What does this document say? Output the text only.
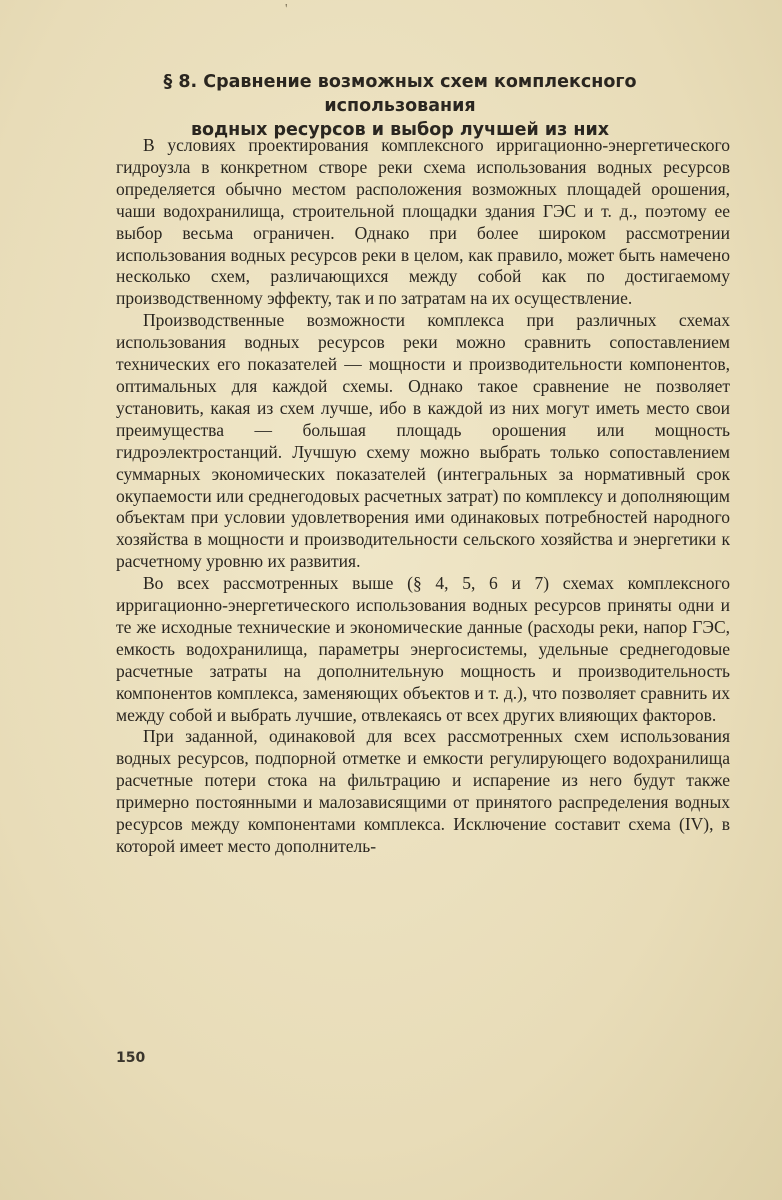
'
§ 8. Сравнение возможных схем комплексного использования
водных ресурсов и выбор лучшей из них

В условиях проектирования комплексного ирригационно-энергетического гидроузла в конкретном створе реки схема использования водных ресурсов определяется обычно местом расположения возможных площадей орошения, чаши водохранилища, строительной площадки здания ГЭС и т. д., поэтому ее выбор весьма ограничен. Однако при более широком рассмотрении использования водных ресурсов реки в целом, как правило, может быть намечено несколько схем, различающихся между собой как по достигаемому производственному эффекту, так и по затратам на их осуществление.

Производственные возможности комплекса при различных схемах использования водных ресурсов реки можно сравнить сопоставлением технических его показателей — мощности и производительности компонентов, оптимальных для каждой схемы. Однако такое сравнение не позволяет установить, какая из схем лучше, ибо в каждой из них могут иметь место свои преимущества — большая площадь орошения или мощность гидроэлектростанций. Лучшую схему можно выбрать только сопоставлением суммарных экономических показателей (интегральных за нормативный срок окупаемости или среднегодовых расчетных затрат) по комплексу и дополняющим объектам при условии удовлетворения ими одинаковых потребностей народного хозяйства в мощности и производительности сельского хозяйства и энергетики к расчетному уровню их развития.

Во всех рассмотренных выше (§ 4, 5, 6 и 7) схемах комплексного ирригационно-энергетического использования водных ресурсов приняты одни и те же исходные технические и экономические данные (расходы реки, напор ГЭС, емкость водохранилища, параметры энергосистемы, удельные среднегодовые расчетные затраты на дополнительную мощность и производительность компонентов комплекса, заменяющих объектов и т. д.), что позволяет сравнить их между собой и выбрать лучшие, отвлекаясь от всех других влияющих факторов.

При заданной, одинаковой для всех рассмотренных схем использования водных ресурсов, подпорной отметке и емкости регулирующего водохранилища расчетные потери стока на фильтрацию и испарение из него будут также примерно постоянными и малозависящими от принятого распределения водных ресурсов между компонентами комплекса. Исключение составит схема (IV), в которой имеет место дополнитель-

150
